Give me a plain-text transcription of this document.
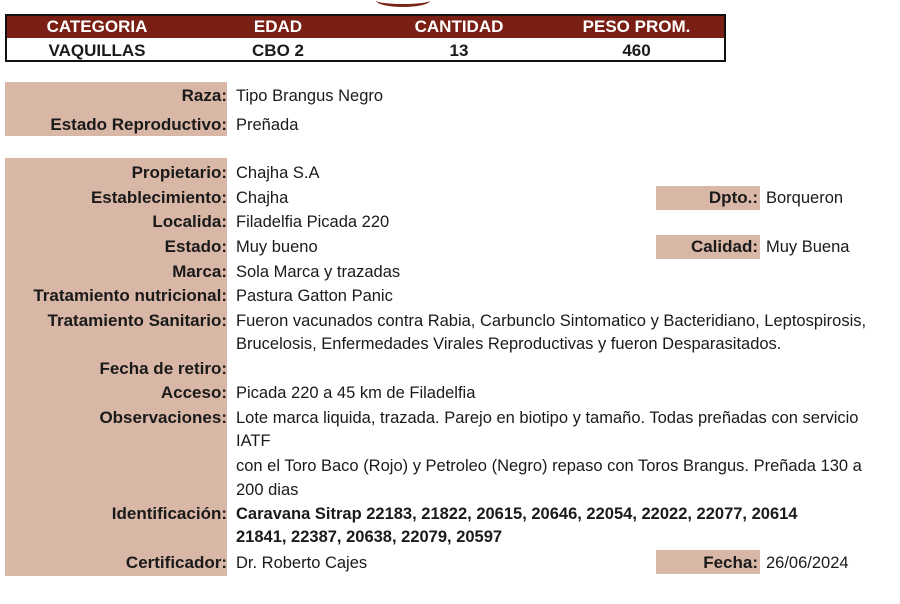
CATEGORIA	EDAD	CANTIDAD	PESO PROM.
VAQUILLAS	CBO 2	13	460
Raza: Tipo Brangus Negro
Estado Reproductivo: Preñada
Propietario: Chajha S.A
Establecimiento: Chajha	Dpto.: Borqueron
Localida: Filadelfia Picada 220
Estado: Muy bueno	Calidad: Muy Buena
Marca: Sola Marca y trazadas
Tratamiento nutricional: Pastura Gatton Panic
Tratamiento Sanitario: Fueron vacunados contra Rabia, Carbunclo Sintomatico y Bacteridiano, Leptospirosis,
Brucelosis, Enfermedades Virales Reproductivas y fueron Desparasitados.
Fecha de retiro:
Acceso: Picada 220 a 45 km de Filadelfia
Observaciones: Lote marca liquida, trazada. Parejo en biotipo y tamaño. Todas preñadas con servicio
IATF
con el Toro Baco (Rojo) y Petroleo (Negro) repaso con Toros Brangus. Preñada 130 a
200 dias
Identificación: Caravana Sitrap 22183, 21822, 20615, 20646, 22054, 22022, 22077, 20614
21841, 22387, 20638, 22079, 20597
Certificador: Dr. Roberto Cajes	Fecha: 26/06/2024
